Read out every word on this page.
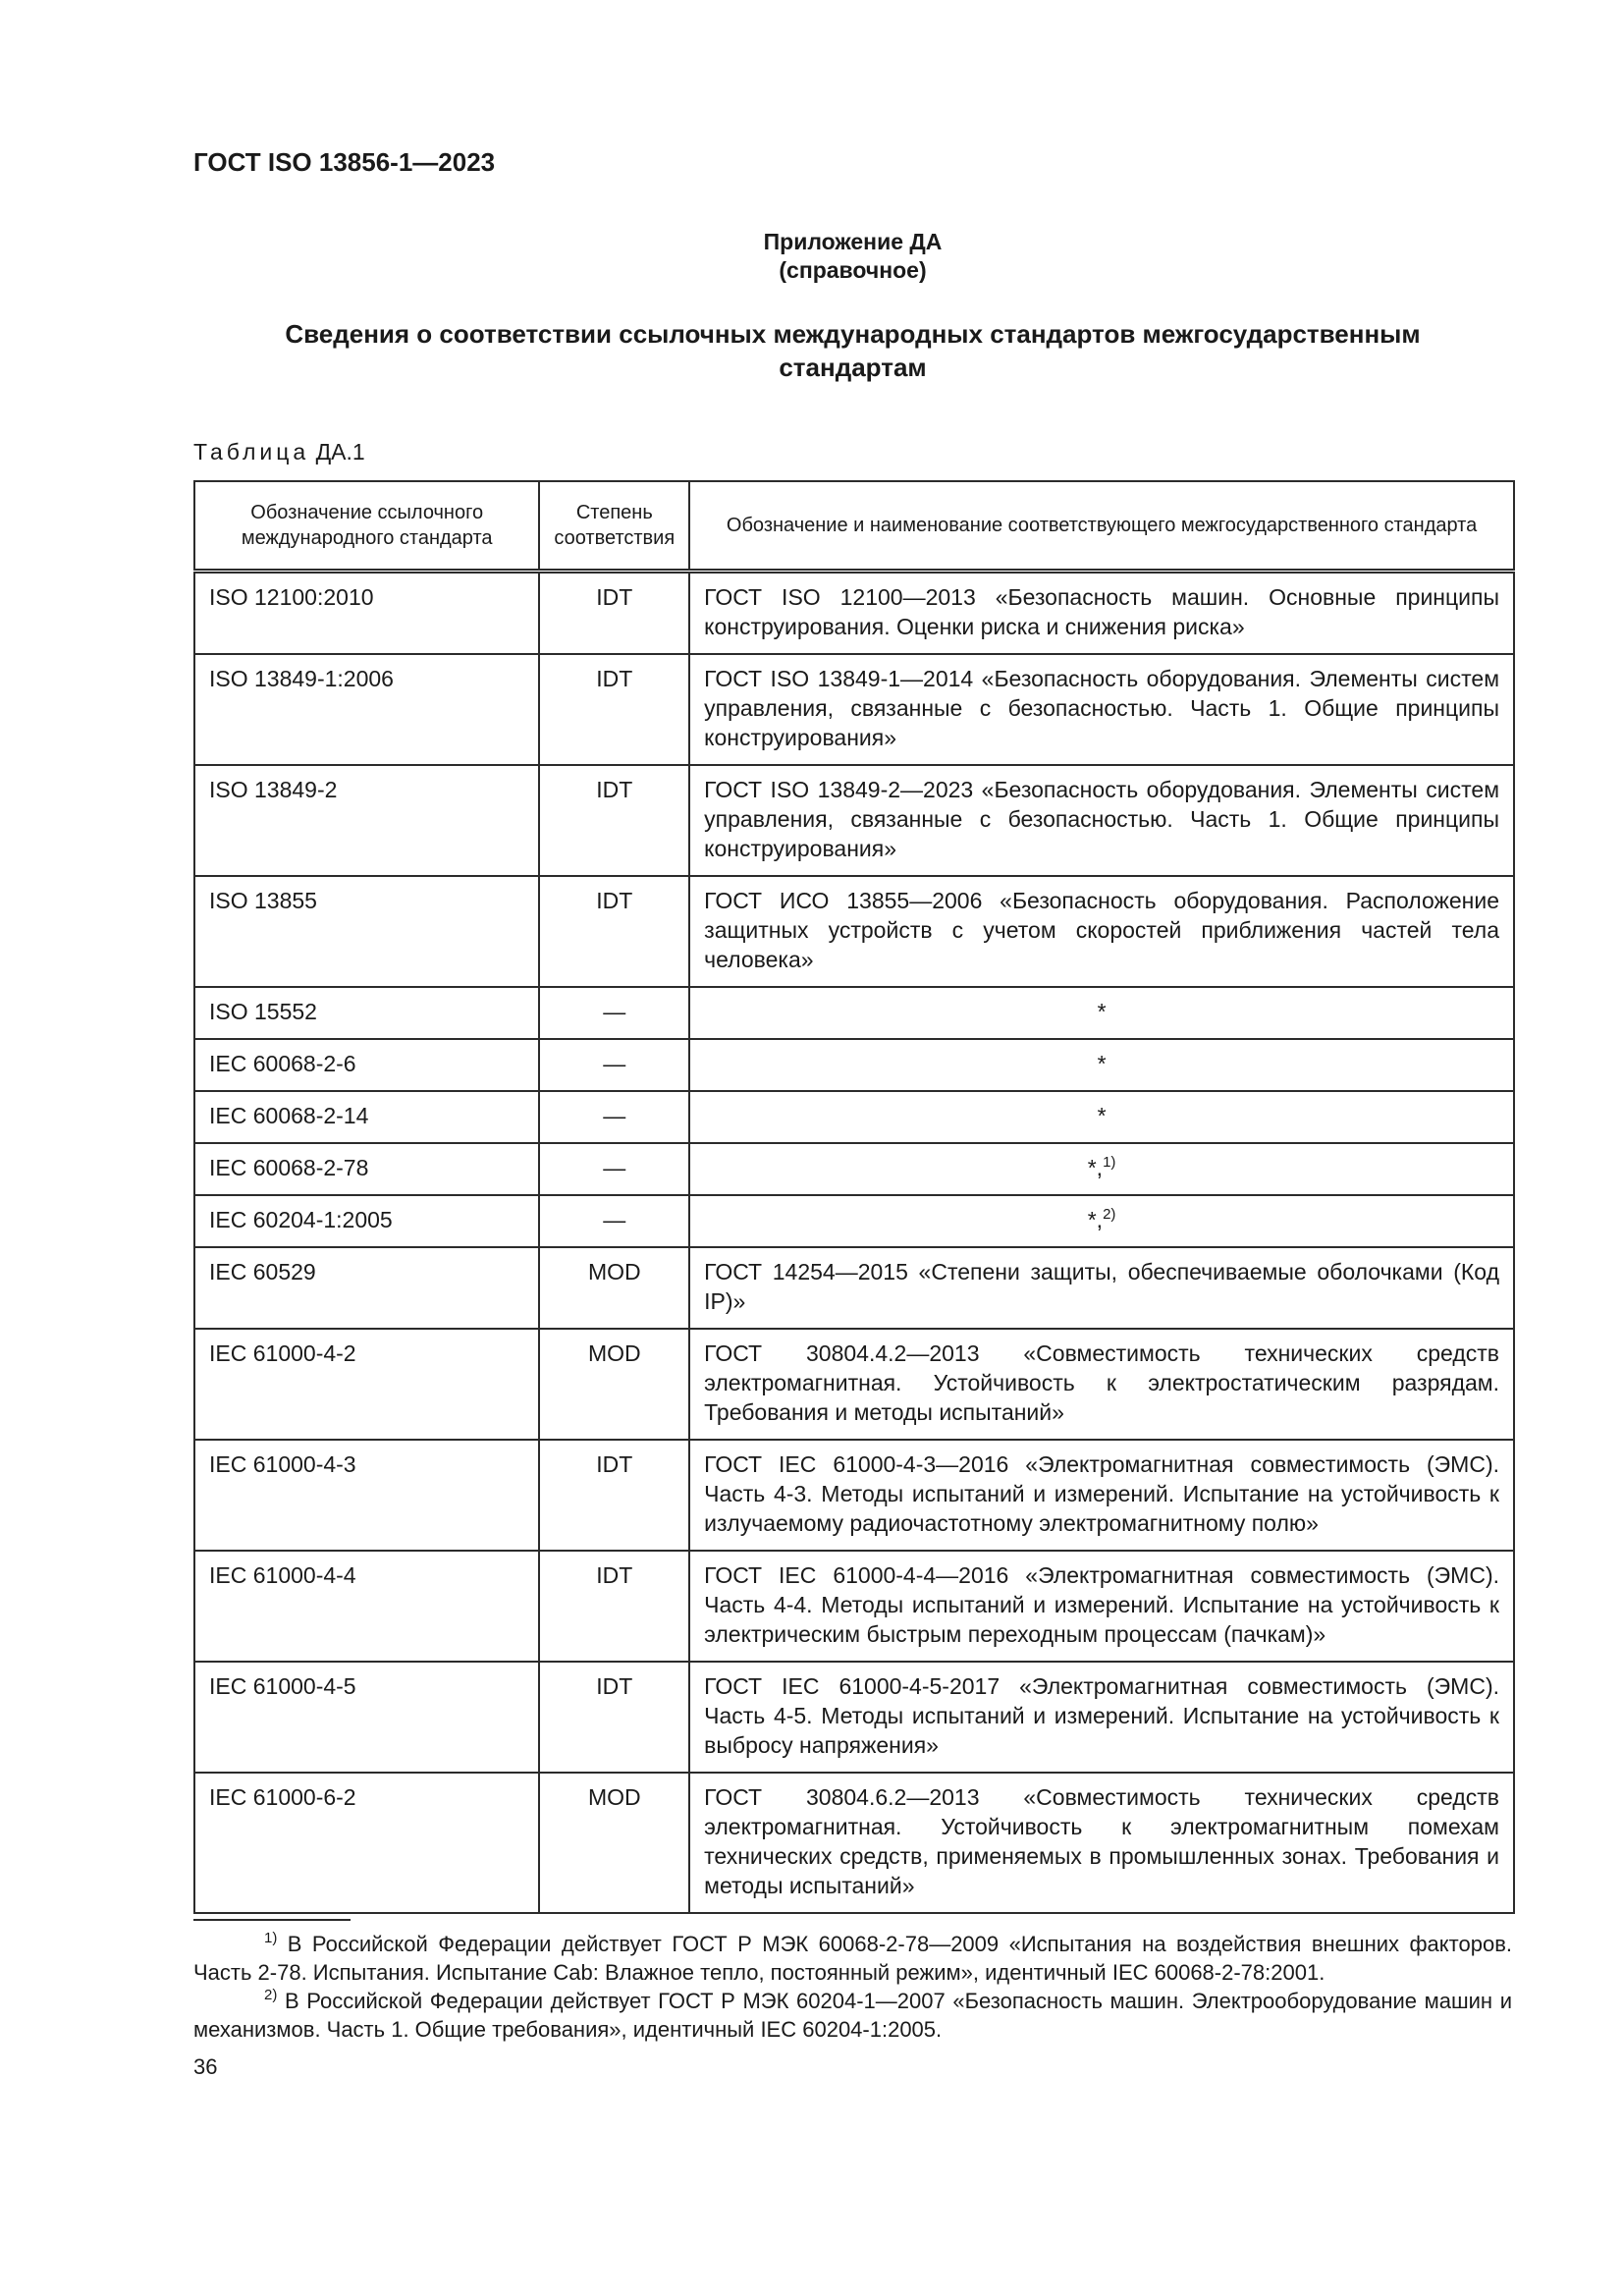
ГОСТ ISO 13856-1—2023

Приложение ДА
(справочное)
Сведения о соответствии ссылочных международных стандартов межгосударственным
стандартам

Таблица ДА.1

Обозначение ссылочного международного стандарта	Степень соответствия	Обозначение и наименование соответствующего межгосударственного стандарта
ISO 12100:2010	IDT	ГОСТ ISO 12100—2013 «Безопасность машин. Основные принципы конструирования. Оценки риска и снижения риска»
ISO 13849-1:2006	IDT	ГОСТ ISO 13849-1—2014 «Безопасность оборудования. Элементы систем управления, связанные с безопасностью. Часть 1. Общие принципы конструирования»
ISO 13849-2	IDT	ГОСТ ISO 13849-2—2023 «Безопасность оборудования. Элементы систем управления, связанные с безопасностью. Часть 1. Общие принципы конструирования»
ISO 13855	IDT	ГОСТ ИСО 13855—2006 «Безопасность оборудования. Расположение защитных устройств с учетом скоростей приближения частей тела человека»
ISO 15552	—	*
IEC 60068-2-6	—	*
IEC 60068-2-14	—	*
IEC 60068-2-78	—	*,$^{1)}$
IEC 60204-1:2005	—	*,$^{2)}$
IEC 60529	MOD	ГОСТ 14254—2015 «Степени защиты, обеспечиваемые оболочками (Код IP)»
IEC 61000-4-2	MOD	ГОСТ 30804.4.2—2013 «Совместимость технических средств электромагнитная. Устойчивость к электростатическим разрядам. Требования и методы испытаний»
IEC 61000-4-3	IDT	ГОСТ IEC 61000-4-3—2016 «Электромагнитная совместимость (ЭМС). Часть 4-3. Методы испытаний и измерений. Испытание на устойчивость к излучаемому радиочастотному электромагнитному полю»
IEC 61000-4-4	IDT	ГОСТ IEC 61000-4-4—2016 «Электромагнитная совместимость (ЭМС). Часть 4-4. Методы испытаний и измерений. Испытание на устойчивость к электрическим быстрым переходным процессам (пачкам)»
IEC 61000-4-5	IDT	ГОСТ IEC 61000-4-5-2017 «Электромагнитная совместимость (ЭМС). Часть 4-5. Методы испытаний и измерений. Испытание на устойчивость к выбросу напряжения»
IEC 61000-6-2	MOD	ГОСТ 30804.6.2—2013 «Совместимость технических средств электромагнитная. Устойчивость к электромагнитным помехам технических средств, применяемых в промышленных зонах. Требования и методы испытаний»

$^{1)}$ В Российской Федерации действует ГОСТ Р МЭК 60068-2-78—2009 «Испытания на воздействия внешних факторов. Часть 2-78. Испытания. Испытание Cab: Влажное тепло, постоянный режим», идентичный IEC 60068-2-78:2001.

$^{2)}$ В Российской Федерации действует ГОСТ Р МЭК 60204-1—2007 «Безопасность машин. Электрооборудование машин и механизмов. Часть 1. Общие требования», идентичный IEC 60204-1:2005.

36
